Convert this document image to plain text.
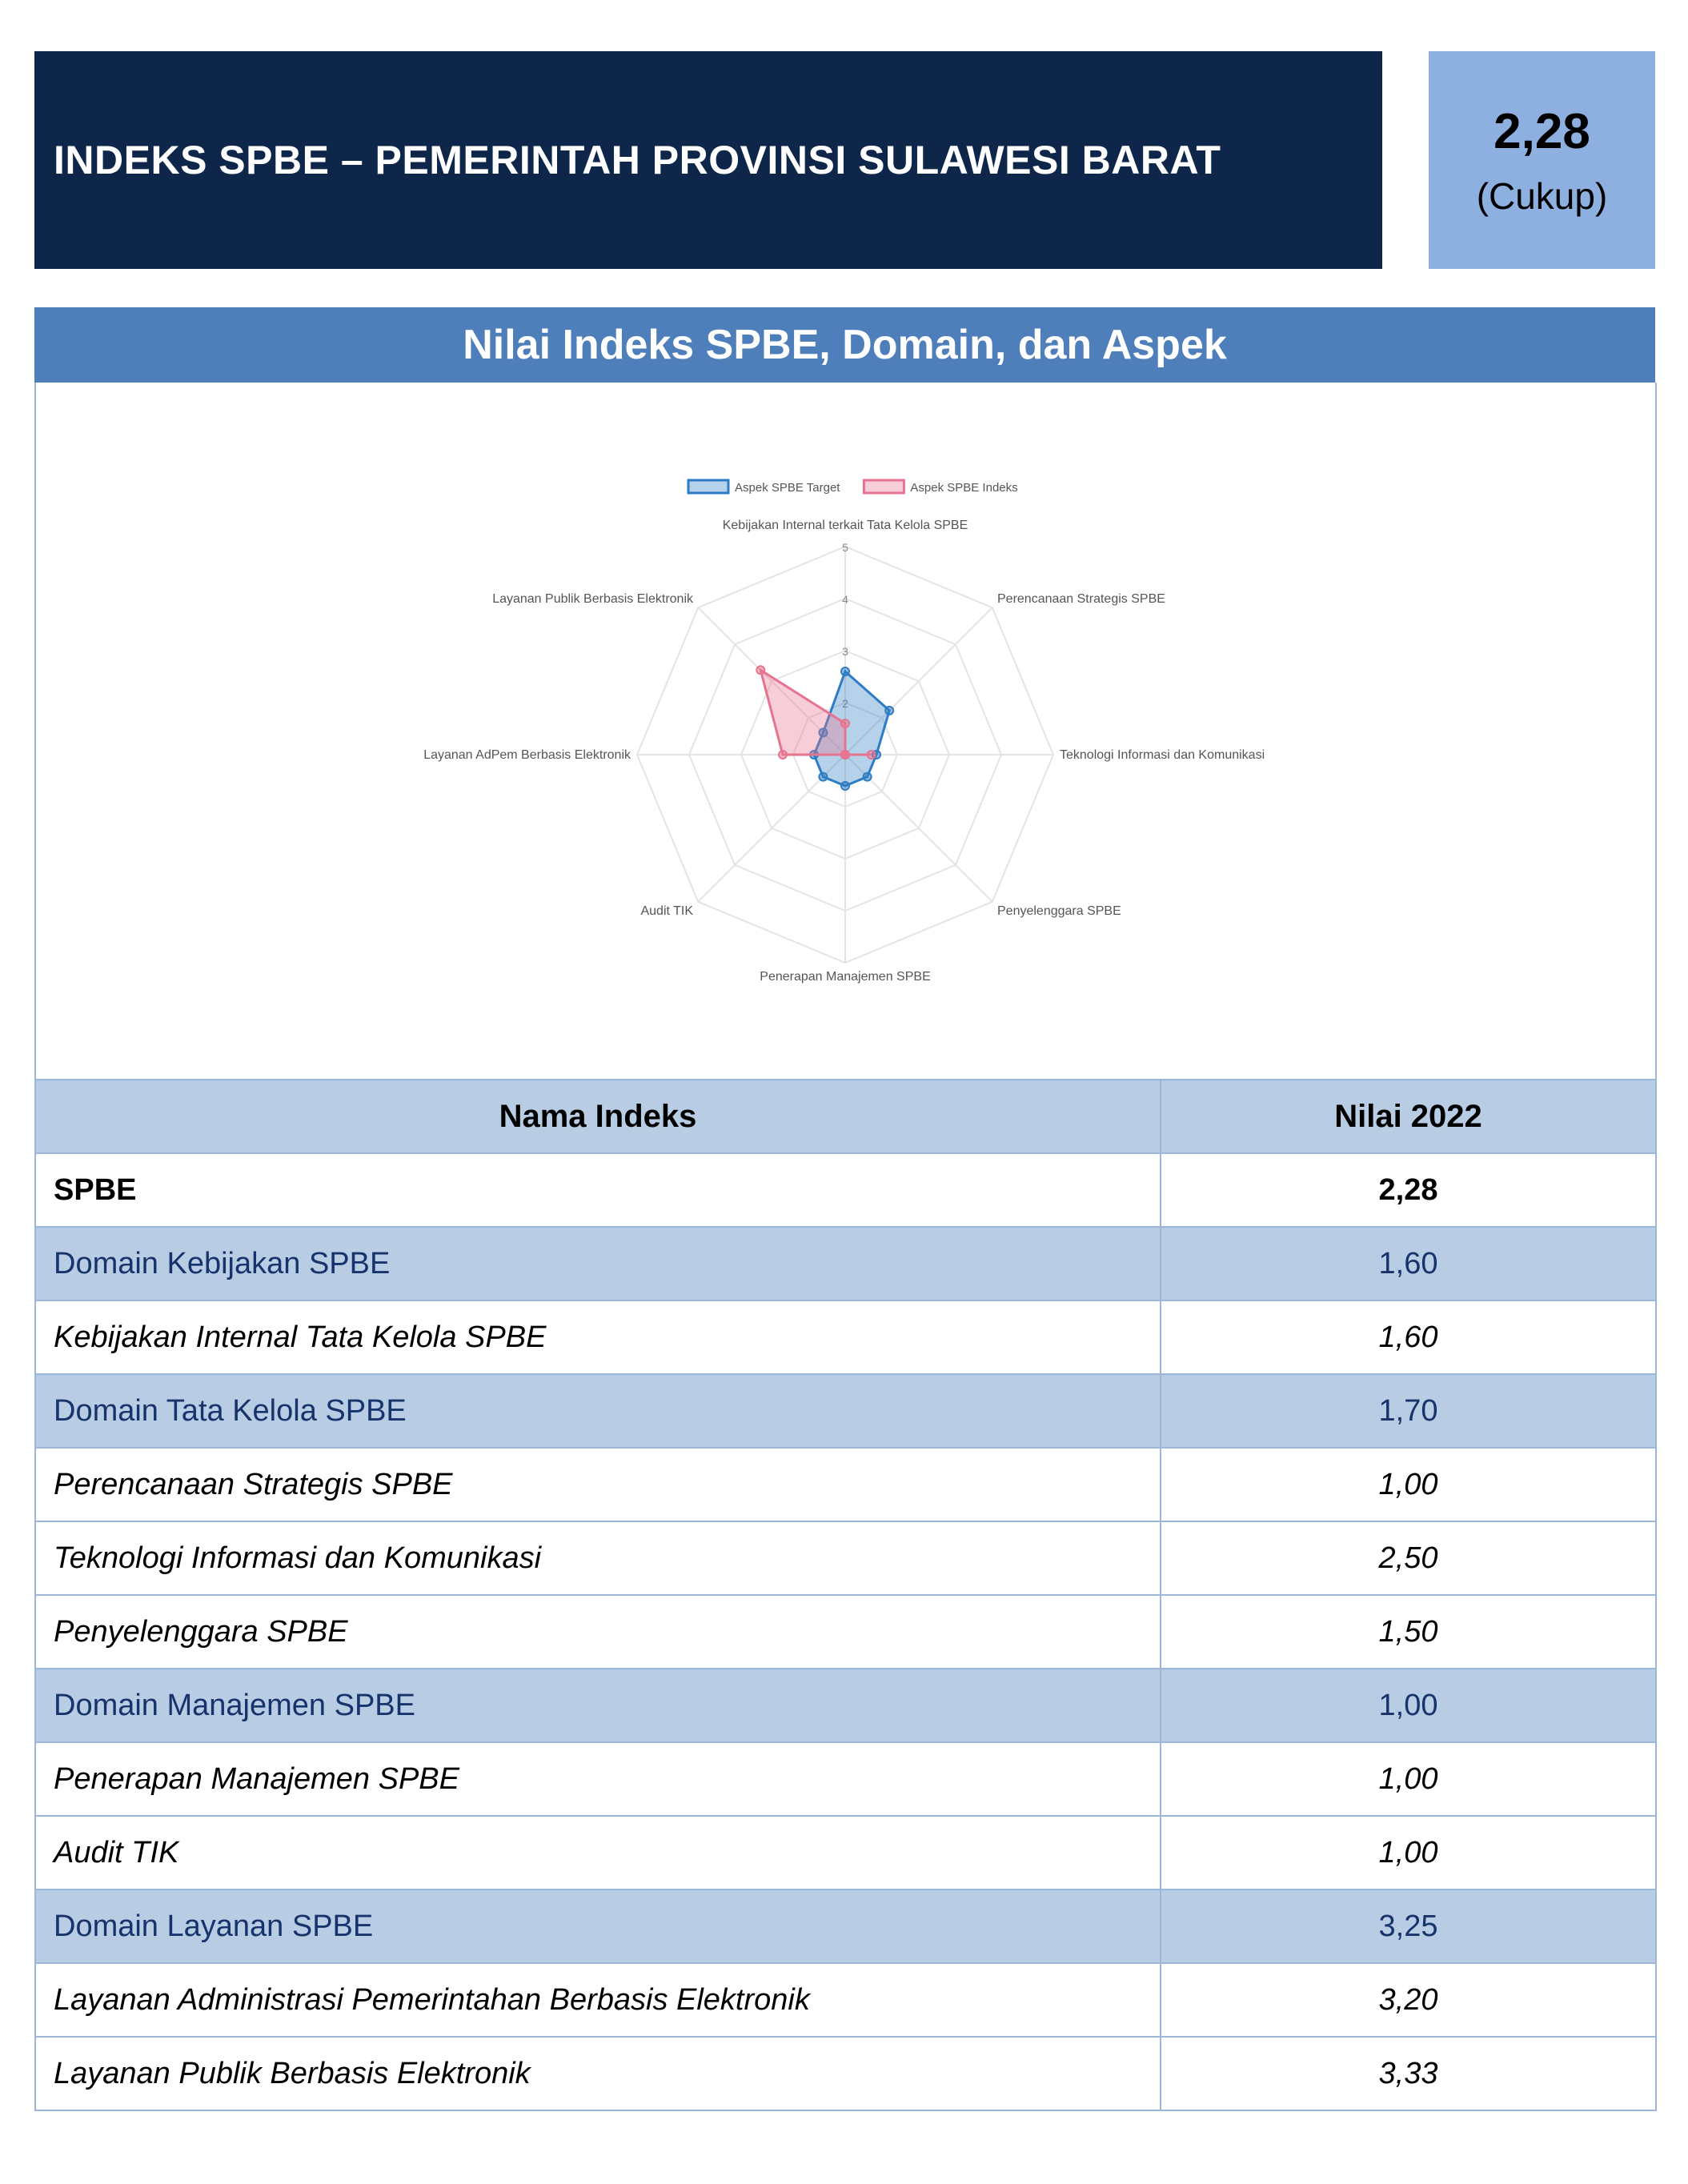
INDEKS SPBE – PEMERINTAH PROVINSI SULAWESI BARAT
2,28
(Cukup)
Nilai Indeks SPBE, Domain, dan Aspek
2
3
4
5
Kebijakan Internal terkait Tata Kelola SPBE
Perencanaan Strategis SPBE
Teknologi Informasi dan Komunikasi
Penyelenggara SPBE
Penerapan Manajemen SPBE
Audit TIK
Layanan AdPem Berbasis Elektronik
Layanan Publik Berbasis Elektronik
Aspek SPBE Target	Aspek SPBE Indeks
Nama Indeks	Nilai 2022
SPBE	2,28
Domain Kebijakan SPBE	1,60
Kebijakan Internal Tata Kelola SPBE	1,60
Domain Tata Kelola SPBE	1,70
Perencanaan Strategis SPBE	1,00
Teknologi Informasi dan Komunikasi	2,50
Penyelenggara SPBE	1,50
Domain Manajemen SPBE	1,00
Penerapan Manajemen SPBE	1,00
Audit TIK	1,00
Domain Layanan SPBE	3,25
Layanan Administrasi Pemerintahan Berbasis Elektronik	3,20
Layanan Publik Berbasis Elektronik	3,33
